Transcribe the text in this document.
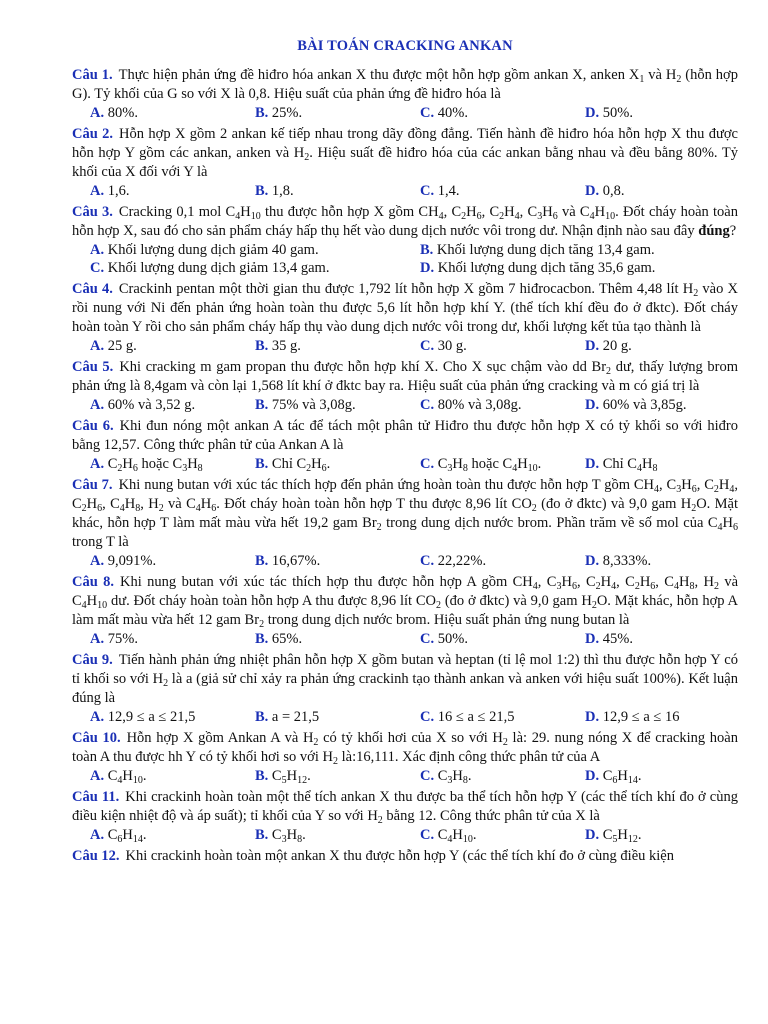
BÀI TOÁN CRACKING ANKAN

Câu 1. Thực hiện phản ứng đề hiđro hóa ankan X thu được một hỗn hợp gồm ankan X, anken $X_1$ và $H_2$ (hỗn hợp G). Tỷ khối của G so với X là 0,8. Hiệu suất của phản ứng đề hiđro hóa là

A. 80%.	B. 25%.	C. 40%.	D. 50%.

Câu 2. Hỗn hợp X gồm 2 ankan kế tiếp nhau trong dãy đồng đẳng. Tiến hành đề hiđro hóa hỗn hợp X thu được hỗn hợp Y gồm các ankan, anken và $H_2$. Hiệu suất đề hiđro hóa của các ankan bằng nhau và đều bằng 80%. Tỷ khối của X đối với Y là

A. 1,6.	B. 1,8.	C. 1,4.	D. 0,8.

Câu 3. Cracking 0,1 mol $C_4H_{10}$ thu được hỗn hợp X gồm $CH_4$, $C_2H_6$, $C_2H_4$, $C_3H_6$ và $C_4H_{10}$. Đốt cháy hoàn toàn hỗn hợp X, sau đó cho sản phẩm cháy hấp thụ hết vào dung dịch nước vôi trong dư. Nhận định nào sau đây đúng?

A. Khối lượng dung dịch giảm 40 gam.	B. Khối lượng dung dịch tăng 13,4 gam.
C. Khối lượng dung dịch giảm 13,4 gam.	D. Khối lượng dung dịch tăng 35,6 gam.

Câu 4. Crackinh pentan một thời gian thu được 1,792 lít hỗn hợp X gồm 7 hiđrocacbon. Thêm 4,48 lít $H_2$ vào X rồi nung với Ni đến phản ứng hoàn toàn thu được 5,6 lít hỗn hợp khí Y. (thể tích khí đều đo ở đktc). Đốt cháy hoàn toàn Y rồi cho sản phẩm cháy hấp thụ vào dung dịch nước vôi trong dư, khối lượng kết tủa tạo thành là

A. 25 g.	B. 35 g.	C. 30 g.	D. 20 g.

Câu 5. Khi cracking m gam propan thu được hỗn hợp khí X. Cho X sục chậm vào dd $Br_2$ dư, thấy lượng brom phản ứng là 8,4gam và còn lại 1,568 lít khí ở đktc bay ra. Hiệu suất của phản ứng cracking và m có giá trị là

A. 60% và 3,52 g.	B. 75% và 3,08g.	C. 80% và 3,08g.	D. 60% và 3,85g.

Câu 6. Khi đun nóng một ankan A tác để tách một phân tử Hiđro thu được hỗn hợp X có tỷ khối so với hiđro bằng 12,57. Công thức phân tử của Ankan A là

A. $C_2H_6$ hoặc $C_3H_8$	B. Chỉ $C_2H_6$.	C. $C_3H_8$ hoặc $C_4H_{10}$.	D. Chỉ $C_4H_8$

Câu 7. Khi nung butan với xúc tác thích hợp đến phản ứng hoàn toàn thu được hỗn hợp T gồm $CH_4$, $C_3H_6$, $C_2H_4$, $C_2H_6$, $C_4H_8$, $H_2$ và $C_4H_6$. Đốt cháy hoàn toàn hỗn hợp T thu được 8,96 lít $CO_2$ (đo ở đktc) và 9,0 gam $H_2O$. Mặt khác, hỗn hợp T làm mất màu vừa hết 19,2 gam $Br_2$ trong dung dịch nước brom. Phần trăm về số mol của $C_4H_6$ trong T là

A. 9,091%.	B. 16,67%.	C. 22,22%.	D. 8,333%.

Câu 8. Khi nung butan với xúc tác thích hợp thu được hỗn hợp A gồm $CH_4$, $C_3H_6$, $C_2H_4$, $C_2H_6$, $C_4H_8$, $H_2$ và $C_4H_{10}$ dư. Đốt cháy hoàn toàn hỗn hợp A thu được 8,96 lít $CO_2$ (đo ở đktc) và 9,0 gam $H_2O$. Mặt khác, hỗn hợp A làm mất màu vừa hết 12 gam $Br_2$ trong dung dịch nước brom. Hiệu suất phản ứng nung butan là

A. 75%.	B. 65%.	C. 50%.	D. 45%.

Câu 9. Tiến hành phản ứng nhiệt phân hỗn hợp X gồm butan và heptan (tỉ lệ mol 1:2) thì thu được hỗn hợp Y có tỉ khối so với $H_2$ là a (giả sử chỉ xảy ra phản ứng crackinh tạo thành ankan và anken với hiệu suất 100%). Kết luận đúng là

A. 12,9 ≤ a ≤ 21,5	B. a = 21,5	C. 16 ≤ a ≤ 21,5	D. 12,9 ≤ a ≤ 16

Câu 10. Hỗn hợp X gồm Ankan A và $H_2$ có tỷ khối hơi của X so với $H_2$ là: 29. nung nóng X để cracking hoàn toàn A thu được hh Y có tỷ khối hơi so với $H_2$ là:16,111. Xác định công thức phân tử của A

A. $C_4H_{10}$.	B. $C_5H_{12}$.	C. $C_3H_8$.	D. $C_6H_{14}$.

Câu 11. Khi crackinh hoàn toàn một thể tích ankan X thu được ba thể tích hỗn hợp Y (các thể tích khí đo ở cùng điều kiện nhiệt độ và áp suất); tỉ khối của Y so với $H_2$ bằng 12. Công thức phân tử của X là

A. $C_6H_{14}$.	B. $C_3H_8$.	C. $C_4H_{10}$.	D. $C_5H_{12}$.

Câu 12. Khi crackinh hoàn toàn một ankan X thu được hỗn hợp Y (các thể tích khí đo ở cùng điều kiện
